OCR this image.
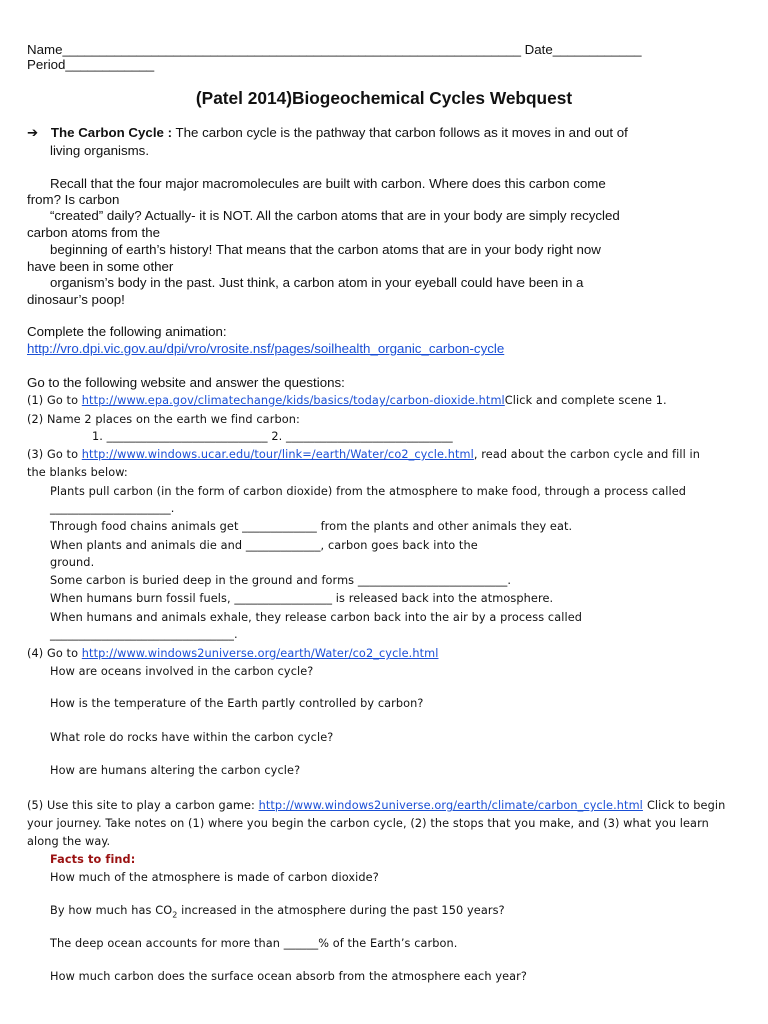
Name______________________________________________________________ Date____________
Period____________
(Patel 2014)Biogeochemical Cycles Webquest
➔ The Carbon Cycle : The carbon cycle is the pathway that carbon follows as it moves in and out of
living organisms.
Recall that the four major macromolecules are built with carbon. Where does this carbon come
from? Is carbon
“created” daily? Actually- it is NOT. All the carbon atoms that are in your body are simply recycled
carbon atoms from the
beginning of earth’s history! That means that the carbon atoms that are in your body right now
have been in some other
organism’s body in the past. Just think, a carbon atom in your eyeball could have been in a
dinosaur’s poop!
Complete the following animation:
http://vro.dpi.vic.gov.au/dpi/vro/vrosite.nsf/pages/soilhealth_organic_carbon-cycle
Go to the following website and answer the questions:
(1) Go to http://www.epa.gov/climatechange/kids/basics/today/carbon-dioxide.htmlClick and complete scene 1.
(2) Name 2 places on the earth we find carbon:
1. ____________________________ 2. _____________________________
(3) Go to http://www.windows.ucar.edu/tour/link=/earth/Water/co2_cycle.html, read about the carbon cycle and fill in
the blanks below:
Plants pull carbon (in the form of carbon dioxide) from the atmosphere to make food, through a process called
_____________________.
Through food chains animals get _____________ from the plants and other animals they eat.
When plants and animals die and _____________, carbon goes back into the
ground.
Some carbon is buried deep in the ground and forms __________________________.
When humans burn fossil fuels, _________________ is released back into the atmosphere.
When humans and animals exhale, they release carbon back into the air by a process called
________________________________.
(4) Go to http://www.windows2universe.org/earth/Water/co2_cycle.html
How are oceans involved in the carbon cycle?
How is the temperature of the Earth partly controlled by carbon?
What role do rocks have within the carbon cycle?
How are humans altering the carbon cycle?
(5) Use this site to play a carbon game: http://www.windows2universe.org/earth/climate/carbon_cycle.html Click to begin
your journey. Take notes on (1) where you begin the carbon cycle, (2) the stops that you make, and (3) what you learn
along the way.
Facts to find:
How much of the atmosphere is made of carbon dioxide?
By how much has $CO_2$ increased in the atmosphere during the past 150 years?
The deep ocean accounts for more than ______% of the Earth’s carbon.
How much carbon does the surface ocean absorb from the atmosphere each year?
